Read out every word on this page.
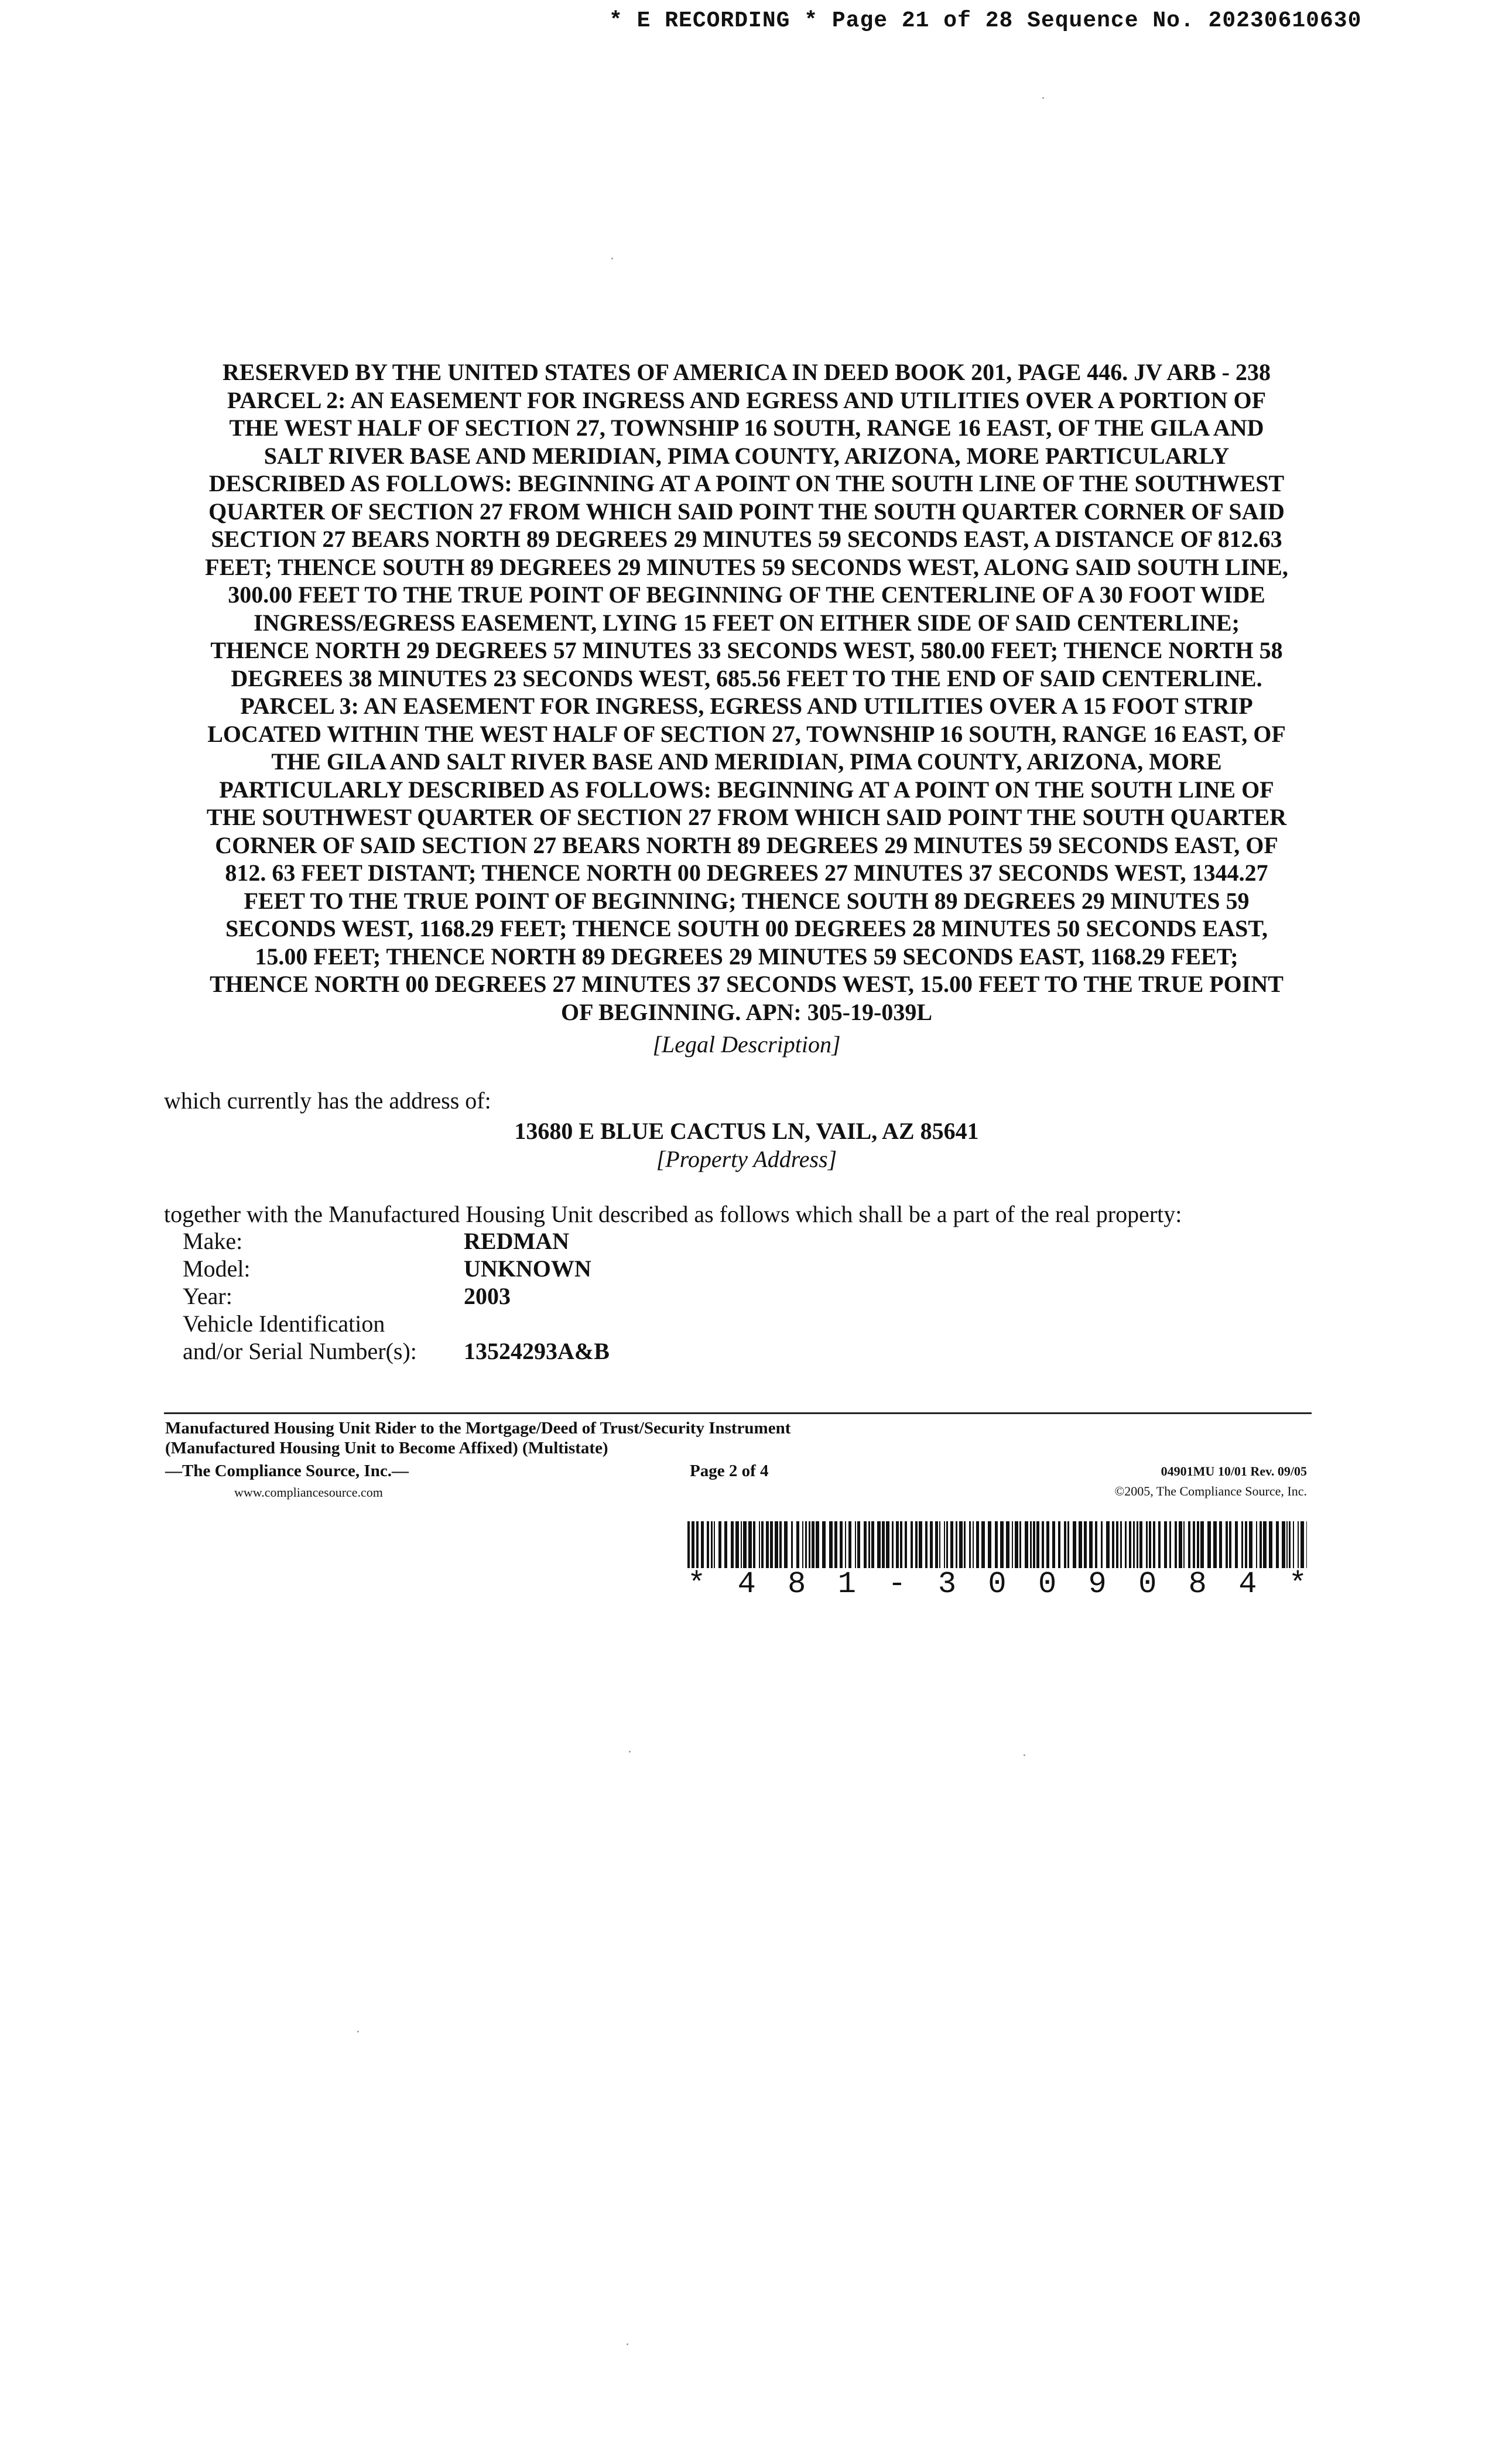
* E RECORDING * Page 21 of 28 Sequence No. 20230610630
RESERVED BY THE UNITED STATES OF AMERICA IN DEED BOOK 201, PAGE 446. JV ARB - 238
PARCEL 2: AN EASEMENT FOR INGRESS AND EGRESS AND UTILITIES OVER A PORTION OF
THE WEST HALF OF SECTION 27, TOWNSHIP 16 SOUTH, RANGE 16 EAST, OF THE GILA AND
SALT RIVER BASE AND MERIDIAN, PIMA COUNTY, ARIZONA, MORE PARTICULARLY
DESCRIBED AS FOLLOWS: BEGINNING AT A POINT ON THE SOUTH LINE OF THE SOUTHWEST
QUARTER OF SECTION 27 FROM WHICH SAID POINT THE SOUTH QUARTER CORNER OF SAID
SECTION 27 BEARS NORTH 89 DEGREES 29 MINUTES 59 SECONDS EAST, A DISTANCE OF 812.63
FEET; THENCE SOUTH 89 DEGREES 29 MINUTES 59 SECONDS WEST, ALONG SAID SOUTH LINE,
300.00 FEET TO THE TRUE POINT OF BEGINNING OF THE CENTERLINE OF A 30 FOOT WIDE
INGRESS/EGRESS EASEMENT, LYING 15 FEET ON EITHER SIDE OF SAID CENTERLINE;
THENCE NORTH 29 DEGREES 57 MINUTES 33 SECONDS WEST, 580.00 FEET; THENCE NORTH 58
DEGREES 38 MINUTES 23 SECONDS WEST, 685.56 FEET TO THE END OF SAID CENTERLINE.
PARCEL 3: AN EASEMENT FOR INGRESS, EGRESS AND UTILITIES OVER A 15 FOOT STRIP
LOCATED WITHIN THE WEST HALF OF SECTION 27, TOWNSHIP 16 SOUTH, RANGE 16 EAST, OF
THE GILA AND SALT RIVER BASE AND MERIDIAN, PIMA COUNTY, ARIZONA, MORE
PARTICULARLY DESCRIBED AS FOLLOWS: BEGINNING AT A POINT ON THE SOUTH LINE OF
THE SOUTHWEST QUARTER OF SECTION 27 FROM WHICH SAID POINT THE SOUTH QUARTER
CORNER OF SAID SECTION 27 BEARS NORTH 89 DEGREES 29 MINUTES 59 SECONDS EAST, OF
812. 63 FEET DISTANT; THENCE NORTH 00 DEGREES 27 MINUTES 37 SECONDS WEST, 1344.27
FEET TO THE TRUE POINT OF BEGINNING; THENCE SOUTH 89 DEGREES 29 MINUTES 59
SECONDS WEST, 1168.29 FEET; THENCE SOUTH 00 DEGREES 28 MINUTES 50 SECONDS EAST,
15.00 FEET; THENCE NORTH 89 DEGREES 29 MINUTES 59 SECONDS EAST, 1168.29 FEET;
THENCE NORTH 00 DEGREES 27 MINUTES 37 SECONDS WEST, 15.00 FEET TO THE TRUE POINT
OF BEGINNING. APN: 305-19-039L
[Legal Description]
which currently has the address of:
13680 E BLUE CACTUS LN, VAIL, AZ 85641
[Property Address]
together with the Manufactured Housing Unit described as follows which shall be a part of the real property:
Make:	REDMAN
Model:	UNKNOWN
Year:	2003
Vehicle Identification
and/or Serial Number(s): 13524293A&B
Manufactured Housing Unit Rider to the Mortgage/Deed of Trust/Security Instrument
(Manufactured Housing Unit to Become Affixed) (Multistate)
—The Compliance Source, Inc.—
www.compliancesource.com
Page 2 of 4	04901MU 10/01 Rev. 09/05
©2005, The Compliance Source, Inc.
* 4 8 1 - 3 0 0 9 0 8 4 *
